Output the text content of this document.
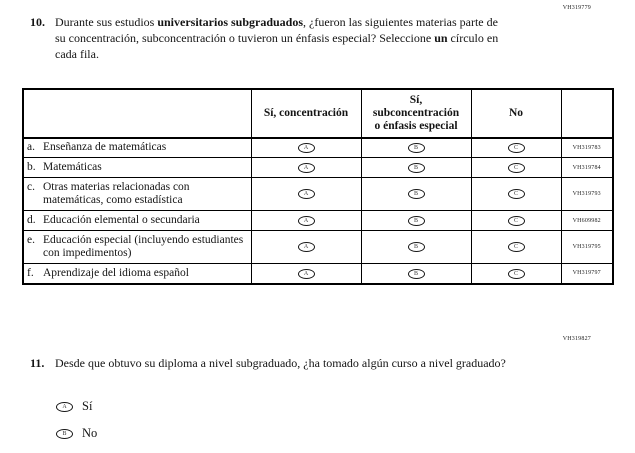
VH319779
10. Durante sus estudios universitarios subgraduados, ¿fueron las siguientes materias parte de su concentración, subconcentración o tuvieron un énfasis especial? Seleccione un círculo en cada fila.
	Sí, concentración	Sí,
subconcentración
o énfasis especial	No	

a. Enseñanza de matemáticas	A	B	C	VH319783

b. Matemáticas	A	B	C	VH319784

c. Otras materias relacionadas con matemáticas, como estadística	A	B	C	VH319793

d. Educación elemental o secundaria	A	B	C	VH609982

e. Educación especial (incluyendo estudiantes con impedimentos)	A	B	C	VH319795

f. Aprendizaje del idioma español	A	B	C	VH319797
VH319827
11. Desde que obtuvo su diploma a nivel subgraduado, ¿ha tomado algún curso a nivel graduado?
A	Sí
B	No
